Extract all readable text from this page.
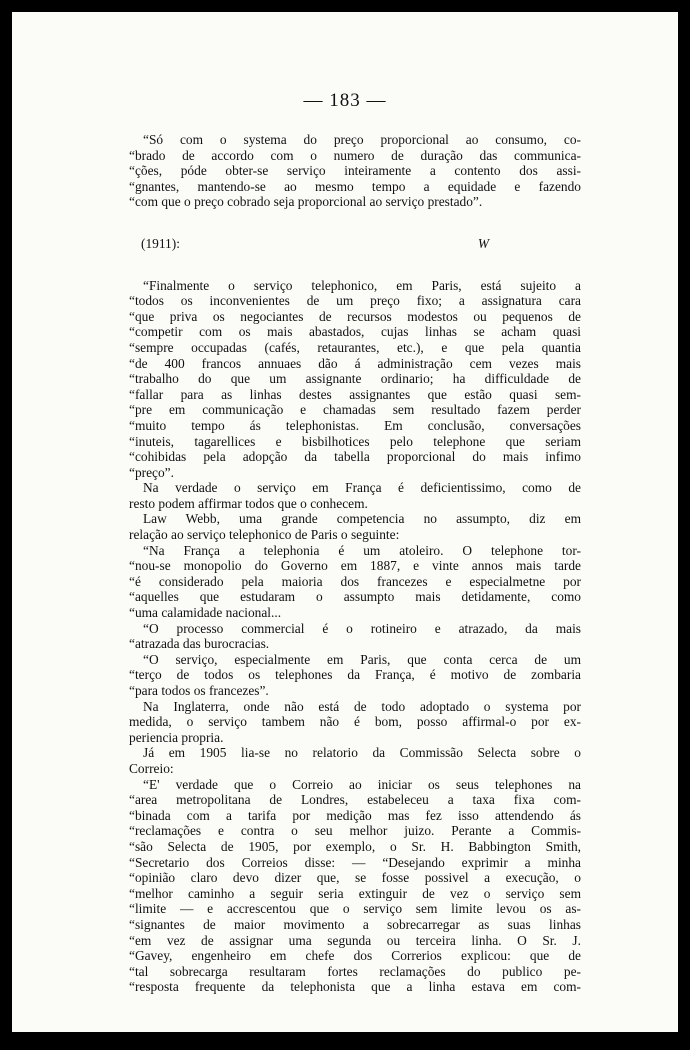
— 183 —
“Só com o systema do preço proporcional ao consumo, co-
“brado de accordo com o numero de duração das communica-
“ções, póde obter-se serviço inteiramente a contento dos assi-
“gnantes, mantendo-se ao mesmo tempo a equidade e fazendo
“com que o preço cobrado seja proporcional ao serviço prestado”.
(1911):	W
“Finalmente o serviço telephonico, em Paris, está sujeito a
“todos os inconvenientes de um preço fixo; a assignatura cara
“que priva os negociantes de recursos modestos ou pequenos de
“competir com os mais abastados, cujas linhas se acham quasi
“sempre occupadas (cafés, retaurantes, etc.), e que pela quantia
“de 400 francos annuaes dão á administração cem vezes mais
“trabalho do que um assignante ordinario; ha difficuldade de
“fallar para as linhas destes assignantes que estão quasi sem-
“pre em communicação e chamadas sem resultado fazem perder
“muito tempo ás telephonistas. Em conclusão, conversações
“inuteis, tagarellices e bisbilhotices pelo telephone que seriam
“cohibidas pela adopção da tabella proporcional do mais infimo
“preço”.
Na verdade o serviço em França é deficientissimo, como de
resto podem affirmar todos que o conhecem.
Law Webb, uma grande competencia no assumpto, diz em
relação ao serviço telephonico de Paris o seguinte:
“Na França a telephonia é um atoleiro. O telephone tor-
“nou-se monopolio do Governo em 1887, e vinte annos mais tarde
“é considerado pela maioria dos francezes e especialmetne por
“aquelles que estudaram o assumpto mais detidamente, como
“uma calamidade nacional...
“O processo commercial é o rotineiro e atrazado, da mais
“atrazada das burocracias.
“O serviço, especialmente em Paris, que conta cerca de um
“terço de todos os telephones da França, é motivo de zombaria
“para todos os francezes”.
Na Inglaterra, onde não está de todo adoptado o systema por
medida, o serviço tambem não é bom, posso affirmal-o por ex-
periencia propria.
Já em 1905 lia-se no relatorio da Commissão Selecta sobre o
Correio:
“E' verdade que o Correio ao iniciar os seus telephones na
“area metropolitana de Londres, estabeleceu a taxa fixa com-
“binada com a tarifa por medição mas fez isso attendendo ás
“reclamações e contra o seu melhor juizo. Perante a Commis-
“são Selecta de 1905, por exemplo, o Sr. H. Babbington Smith,
“Secretario dos Correios disse: — “Desejando exprimir a minha
“opinião claro devo dizer que, se fosse possivel a execução, o
“melhor caminho a seguir seria extinguir de vez o serviço sem
“limite — e accrescentou que o serviço sem limite levou os as-
“signantes de maior movimento a sobrecarregar as suas linhas
“em vez de assignar uma segunda ou terceira linha. O Sr. J.
“Gavey, engenheiro em chefe dos Correrios explicou: que de
“tal sobrecarga resultaram fortes reclamações do publico pe-
“resposta frequente da telephonista que a linha estava em com-
